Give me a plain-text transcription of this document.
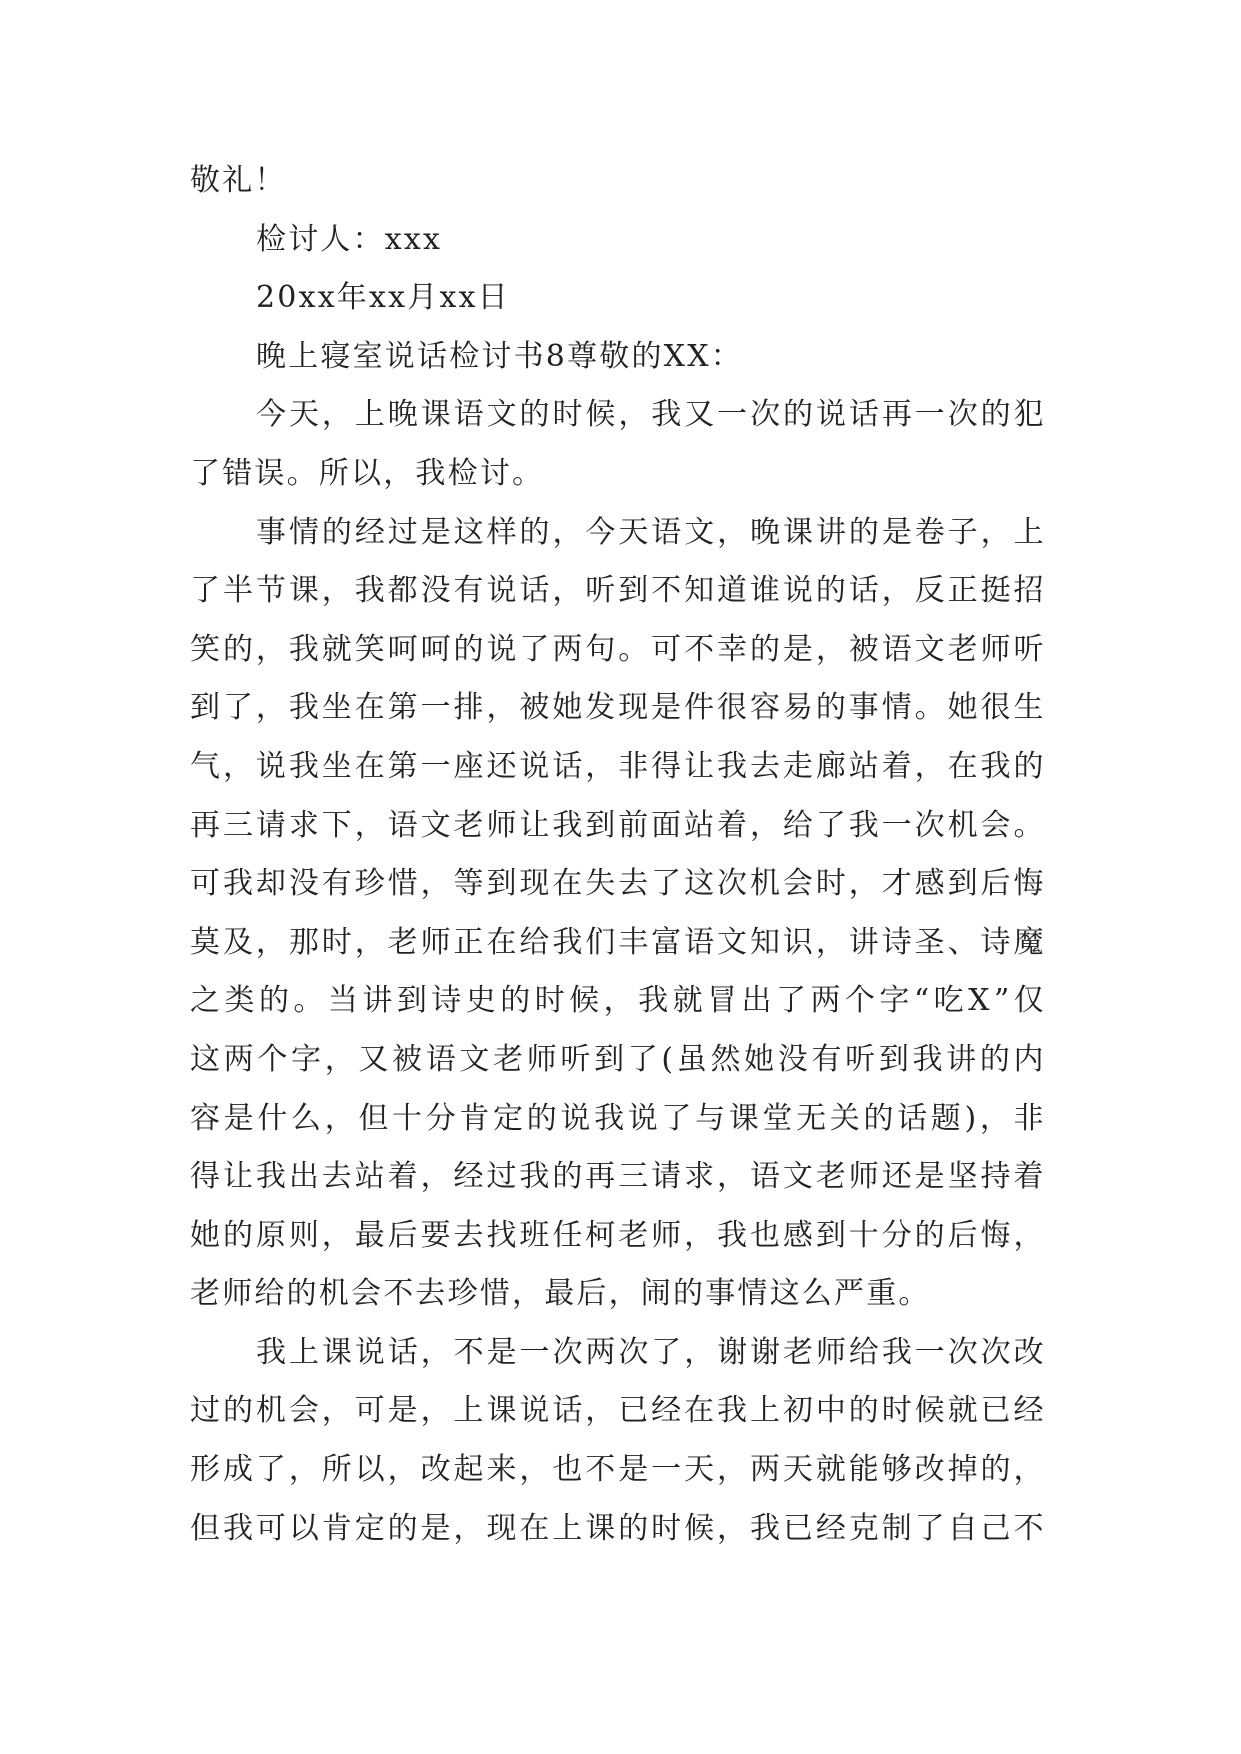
敬礼！
检讨人：xxx
20xx年xx月xx日
晚上寝室说话检讨书8尊敬的XX：
今 天 ， 上 晚 课 语 文 的 时 候 ， 我 又 一 次 的 说 话 再 一 次 的 犯
了错误。所以，我检讨。
事 情 的 经 过 是 这 样 的 ， 今 天 语 文 ， 晚 课 讲 的 是 卷 子 ， 上
了 半 节 课 ， 我 都 没 有 说 话 ， 听 到 不 知 道 谁 说 的 话 ， 反 正 挺 招
笑 的 ， 我 就 笑 呵 呵 的 说 了 两 句 。 可 不 幸 的 是 ， 被 语 文 老 师 听
到 了 ， 我 坐 在 第 一 排 ， 被 她 发 现 是 件 很 容 易 的 事 情 。 她 很 生
气 ， 说 我 坐 在 第 一 座 还 说 话 ， 非 得 让 我 去 走 廊 站 着 ， 在 我 的
再 三 请 求 下 ， 语 文 老 师 让 我 到 前 面 站 着 ， 给 了 我 一 次 机 会 。
可 我 却 没 有 珍 惜 ， 等 到 现 在 失 去 了 这 次 机 会 时 ， 才 感 到 后 悔
莫 及 ， 那 时 ， 老 师 正 在 给 我 们 丰 富 语 文 知 识 ， 讲 诗 圣 、 诗 魔
之 类 的 。 当 讲 到 诗 史 的 时 候 ， 我 就 冒 出 了 两 个 字 “ 吃 X ” 仅
这 两 个 字 ， 又 被 语 文 老 师 听 到 了 ( 虽 然 她 没 有 听 到 我 讲 的 内
容 是 什 么 ， 但 十 分 肯 定 的 说 我 说 了 与 课 堂 无 关 的 话 题 ) ， 非
得 让 我 出 去 站 着 ， 经 过 我 的 再 三 请 求 ， 语 文 老 师 还 是 坚 持 着
她 的 原 则 ， 最 后 要 去 找 班 任 柯 老 师 ， 我 也 感 到 十 分 的 后 悔 ，
老师给的机会不去珍惜，最后，闹的事情这么严重。
我 上 课 说 话 ， 不 是 一 次 两 次 了 ， 谢 谢 老 师 给 我 一 次 次 改
过 的 机 会 ， 可 是 ， 上 课 说 话 ， 已 经 在 我 上 初 中 的 时 候 就 已 经
形 成 了 ， 所 以 ， 改 起 来 ， 也 不 是 一 天 ， 两 天 就 能 够 改 掉 的 ，
但 我 可 以 肯 定 的 是 ， 现 在 上 课 的 时 候 ， 我 已 经 克 制 了 自 己 不
